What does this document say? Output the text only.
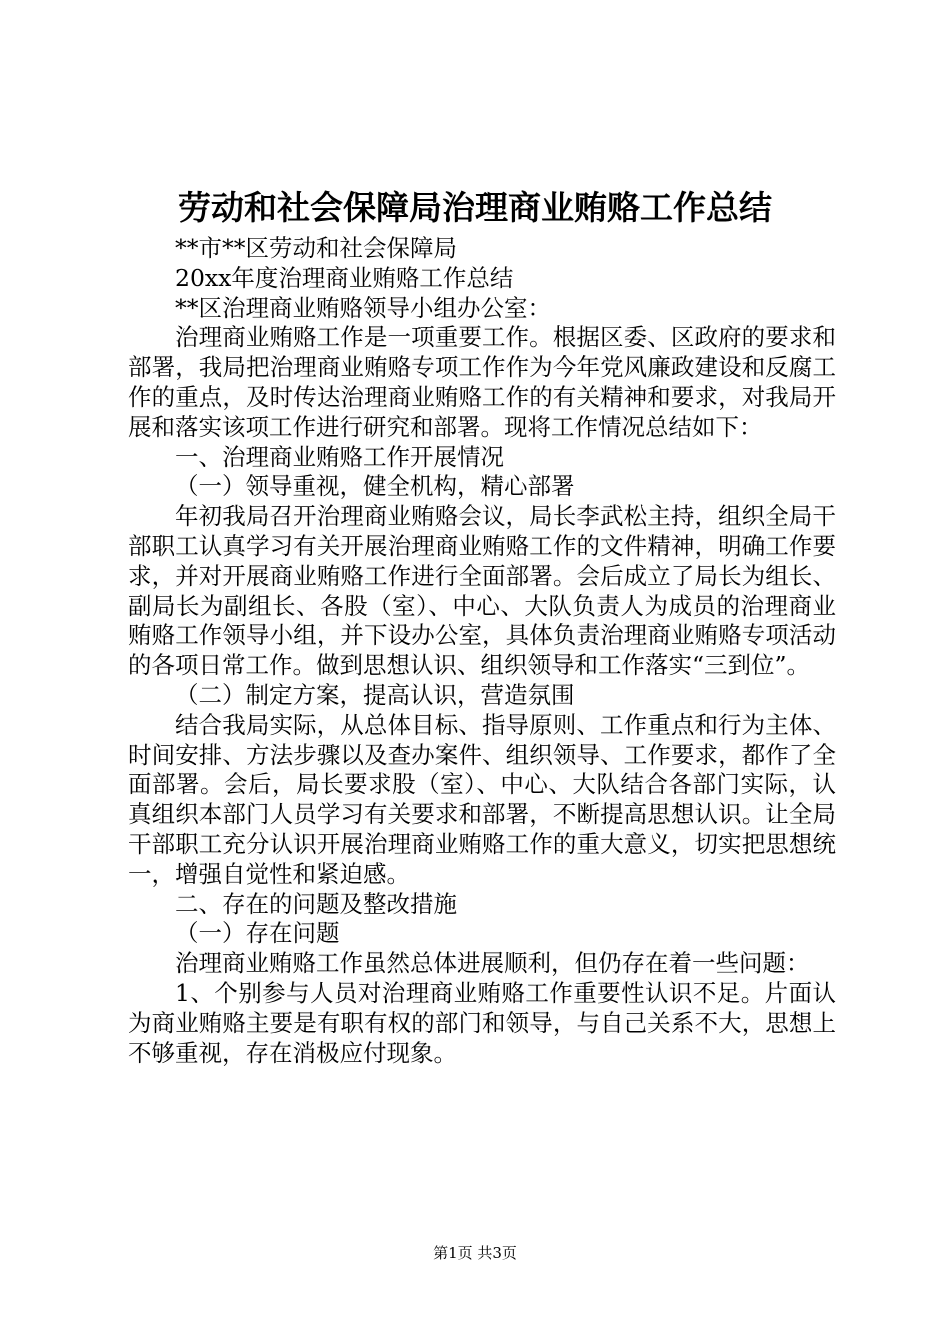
劳动和社会保障局治理商业贿赂工作总结

**市**区劳动和社会保障局

20xx年度治理商业贿赂工作总结

**区治理商业贿赂领导小组办公室：

治理商业贿赂工作是一项重要工作。根据区委、区政府的要求和部署，我局把治理商业贿赂专项工作作为今年党风廉政建设和反腐工作的重点，及时传达治理商业贿赂工作的有关精神和要求，对我局开展和落实该项工作进行研究和部署。现将工作情况总结如下：

一、治理商业贿赂工作开展情况

（一）领导重视，健全机构，精心部署

年初我局召开治理商业贿赂会议，局长李武松主持，组织全局干部职工认真学习有关开展治理商业贿赂工作的文件精神，明确工作要求，并对开展商业贿赂工作进行全面部署。会后成立了局长为组长、副局长为副组长、各股（室）、中心、大队负责人为成员的治理商业贿赂工作领导小组，并下设办公室，具体负责治理商业贿赂专项活动的各项日常工作。做到思想认识、组织领导和工作落实“三到位”。

（二）制定方案，提高认识，营造氛围

结合我局实际，从总体目标、指导原则、工作重点和行为主体、时间安排、方法步骤以及查办案件、组织领导、工作要求，都作了全面部署。会后，局长要求股（室）、中心、大队结合各部门实际，认真组织本部门人员学习有关要求和部署，不断提高思想认识。让全局干部职工充分认识开展治理商业贿赂工作的重大意义，切实把思想统一，增强自觉性和紧迫感。

二、存在的问题及整改措施

（一）存在问题

治理商业贿赂工作虽然总体进展顺利，但仍存在着一些问题：

1、个别参与人员对治理商业贿赂工作重要性认识不足。片面认为商业贿赂主要是有职有权的部门和领导，与自己关系不大，思想上不够重视，存在消极应付现象。

第1页 共3页
